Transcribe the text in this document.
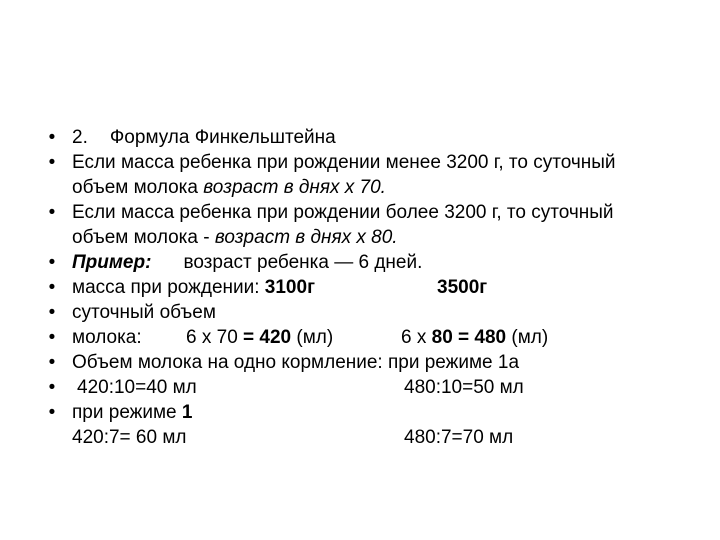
• 2. Формула Финкельштейна
• Если масса ребенка при рождении менее 3200 г, то суточный
объем молока возраст в днях х 70.
• Если масса ребенка при рождении более 3200 г, то суточный
объем молока - возраст в днях х 80.
• Пример: возраст ребенка — 6 дней.
• масса при рождении: 3100г	3500г
• суточный объем
• молока: 6 х 70 = 420 (мл)	6 х 80 = 480 (мл)
• Объем молока на одно кормление: при режиме 1а
• 420:10=40 мл	480:10=50 мл
• при режиме 1
420:7= 60 мл	480:7=70 мл
